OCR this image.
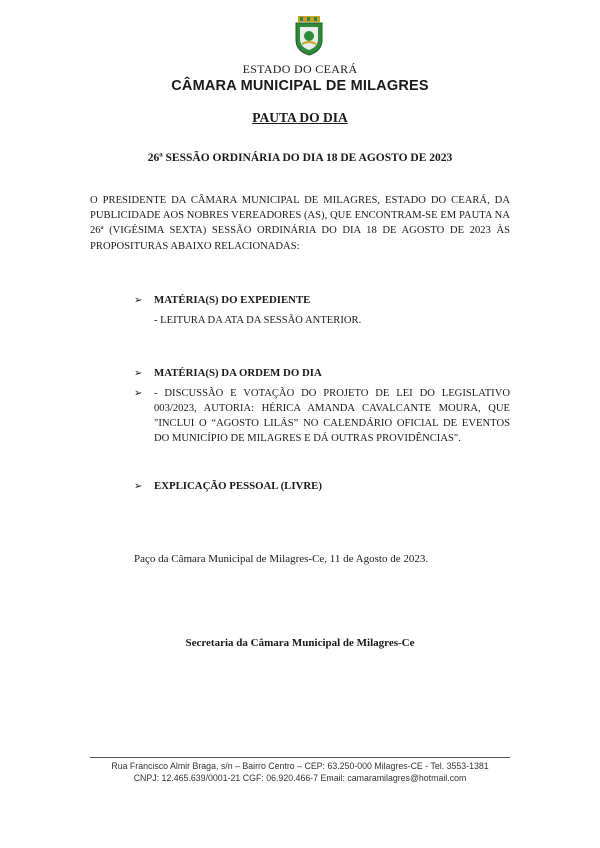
ESTADO DO CEARÁ
CÂMARA MUNICIPAL DE MILAGRES
PAUTA DO DIA
26ª SESSÃO ORDINÁRIA DO DIA 18 DE AGOSTO DE 2023
O PRESIDENTE DA CÂMARA MUNICIPAL DE MILAGRES, ESTADO DO CEARÁ, DA PUBLICIDADE AOS NOBRES VEREADORES (AS), QUE ENCONTRAM-SE EM PAUTA NA 26ª (VIGÉSIMA SEXTA) SESSÃO ORDINÁRIA DO DIA 18 DE AGOSTO DE 2023 ÀS PROPOSITURAS ABAIXO RELACIONADAS:
➢ MATÉRIA(S) DO EXPEDIENTE
- LEITURA DA ATA DA SESSÃO ANTERIOR.
➢ MATÉRIA(S) DA ORDEM DO DIA
➢	- DISCUSSÃO E VOTAÇÃO DO PROJETO DE LEI DO LEGISLATIVO 003/2023, AUTORIA: HÉRICA AMANDA CAVALCANTE MOURA, QUE "INCLUI O “AGOSTO LILÁS” NO CALENDÁRIO OFICIAL DE EVENTOS DO MUNICÍPIO DE MILAGRES E DÁ OUTRAS PROVIDÊNCIAS".
➢ EXPLICAÇÃO PESSOAL (LIVRE)
Paço da Câmara Municipal de Milagres-Ce, 11 de Agosto de 2023.
Secretaria da Câmara Municipal de Milagres-Ce
Rua Francisco Almir Braga, s/n – Bairro Centro – CEP: 63.250-000 Milagres-CE - Tel. 3553-1381
CNPJ: 12.465.639/0001-21 CGF: 06.920.466-7 Email: camaramilagres@hotmail.com
